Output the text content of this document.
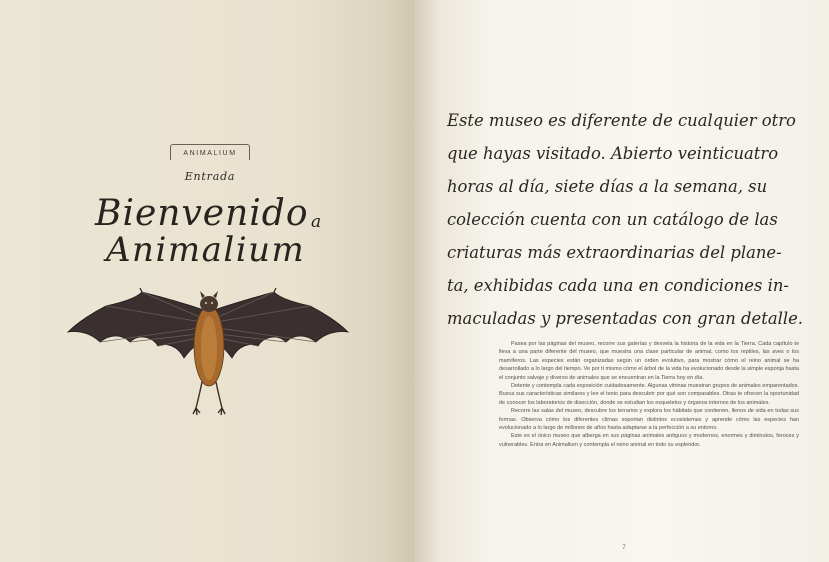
ANIMALIUM
Entrada
Bienvenido a
Animalium
Este museo es diferente de cualquier otro
que hayas visitado. Abierto veinticuatro
horas al día, siete días a la semana, su
colección cuenta con un catálogo de las
criaturas más extraordinarias del plane-
ta, exhibidas cada una en condiciones in-
maculadas y presentadas con gran detalle.

Pasea por las páginas del museo, recorre sus galerías y desvela la historia de la vida en la Tierra. Cada capítulo te lleva a una parte diferente del museo, que muestra una clase particular de animal, como los reptiles, las aves o los mamíferos. Las especies están organizadas según un orden evolutivo, para mostrar cómo el reino animal se ha desarrollado a lo largo del tiempo. Ve por ti mismo cómo el árbol de la vida ha evolucionado desde la simple esponja hasta el conjunto salvaje y diverso de animales que se encuentran en la Tierra hoy en día.

Detente y contempla cada exposición cuidadosamente. Algunas vitrinas muestran grupos de animales emparentados. Busca sus características similares y lee el texto para descubrir por qué son comparables. Otras te ofrecen la oportunidad de conocer los laboratorios de disección, donde se estudian los esqueletos y órganos internos de los animales.

Recorre las salas del museo, descubre los terrarios y explora los hábitats que contienen, llenos de vida en todas sus formas. Observa cómo los diferentes climas soportan distintos ecosistemas y aprende cómo las especies han evolucionado a lo largo de millones de años hasta adaptarse a la perfección a su entorno.

Este es el único museo que alberga en sus páginas animales antiguos y modernos, enormes y diminutos, feroces y vulnerables. Entra en Animalium y contempla el reino animal en todo su esplendor.

7
